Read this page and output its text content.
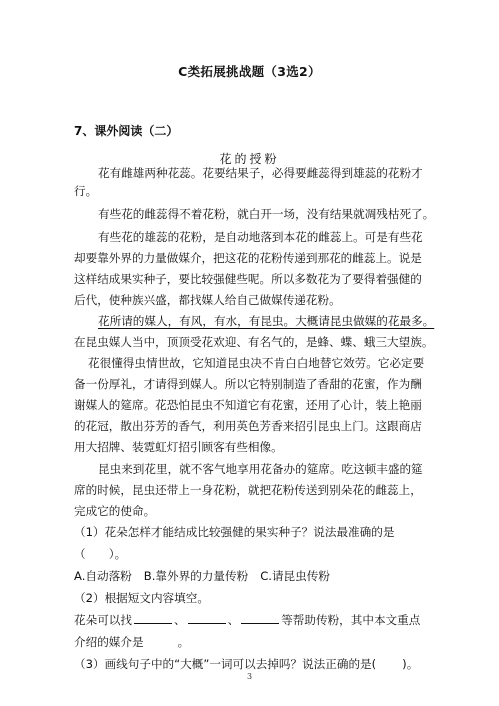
C类拓展挑战题（3选2）
7、课外阅读（二）
花的授粉
花有雌雄两种花蕊。花要结果子，必得要雌蕊得到雄蕊的花粉才
行。
有些花的雌蕊得不着花粉，就白开一场，没有结果就凋残枯死了。
有些花的雄蕊的花粉，是自动地落到本花的雌蕊上。可是有些花
却要靠外界的力量做媒介，把这花的花粉传递到那花的雌蕊上。说是
这样结成果实种子，要比较强健些呢。所以多数花为了要得着强健的
后代，使种族兴盛，都找媒人给自己做媒传递花粉。
花所请的媒人，有风，有水，有昆虫。大概请昆虫做媒的花最多。
在昆虫媒人当中，顶顶受花欢迎、有名气的，是蜂、蝶、蛾三大望族。
花很懂得虫情世故，它知道昆虫决不肯白白地替它效劳。它必定要
备一份厚礼，才请得到媒人。所以它特别制造了香甜的花蜜，作为酬
谢媒人的筵席。花恐怕昆虫不知道它有花蜜，还用了心计，装上艳丽
的花冠，散出芬芳的香气，利用英色芳香来招引昆虫上门。这跟商店
用大招牌、装霓虹灯招引顾客有些相像。
昆虫来到花里，就不客气地享用花备办的筵席。吃这顿丰盛的筵
席的时候，昆虫还带上一身花粉，就把花粉传送到别朵花的雌蕊上，
完成它的使命。
（1）花朵怎样才能结成比较强健的果实种子？说法最准确的是
（　　）。
A.自动落粉 B.靠外界的力量传粉 C.请昆虫传粉
（2）根据短文内容填空。
花朵可以找	、	、	等帮助传粉，其中本文重点
介绍的媒介是	。
（3）画线句子中的“大概”一词可以去掉吗？说法正确的是( )。
3
